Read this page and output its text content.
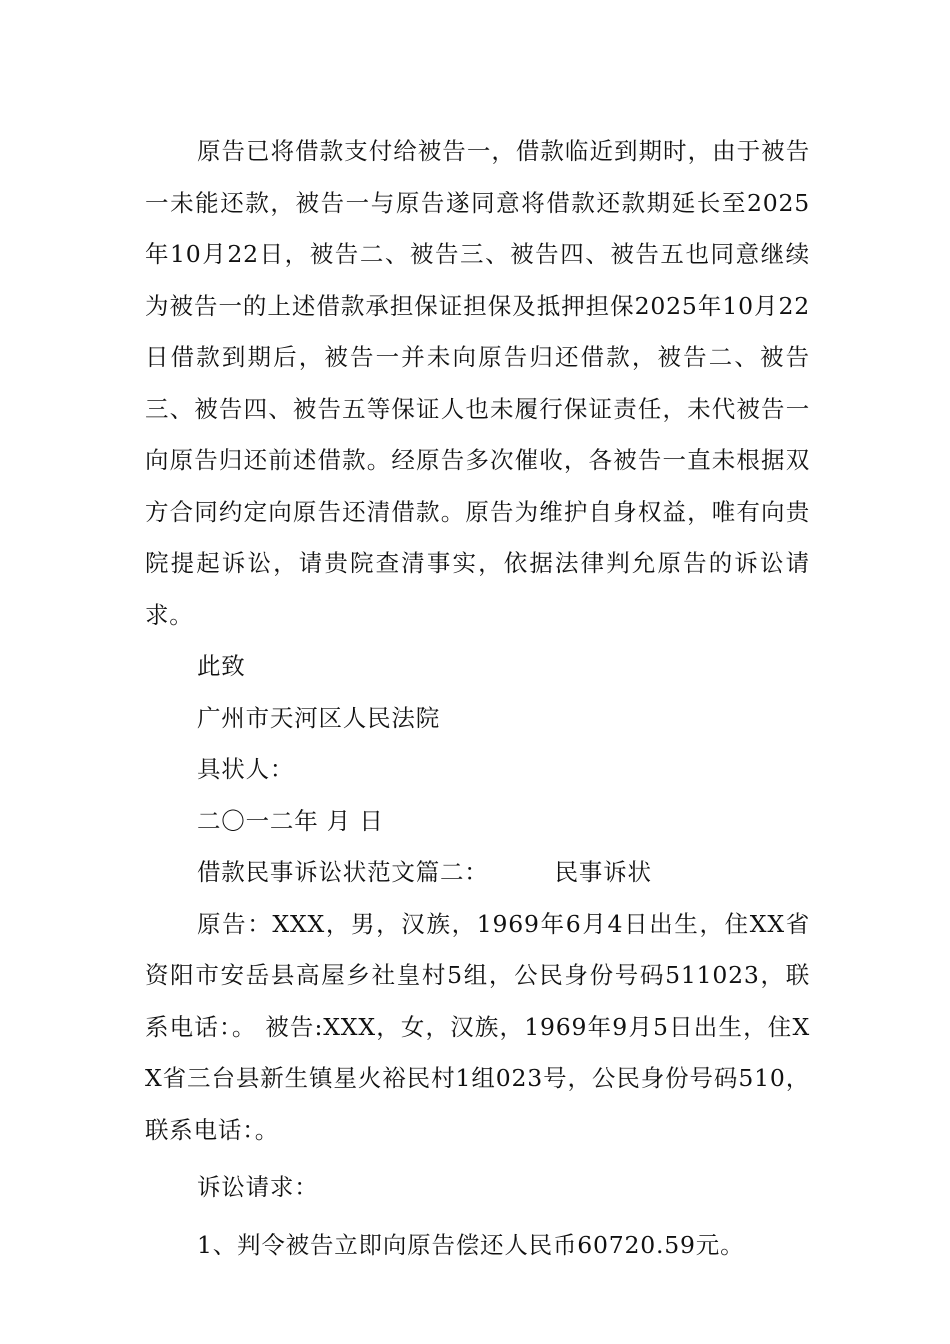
原告已将借款支付给被告一，借款临近到期时，由于被告一未能还款，被告一与原告遂同意将借款还款期延长至2025年10月22日，被告二、被告三、被告四、被告五也同意继续为被告一的上述借款承担保证担保及抵押担保2025年10月22日借款到期后，被告一并未向原告归还借款，被告二、被告三、被告四、被告五等保证人也未履行保证责任，未代被告一向原告归还前述借款。经原告多次催收，各被告一直未根据双方合同约定向原告还清借款。原告为维护自身权益，唯有向贵院提起诉讼，请贵院查清事实，依据法律判允原告的诉讼请求。

此致

广州市天河区人民法院

具状人：

二〇一二年 月 日

借款民事诉讼状范文篇二：	民事诉状

原告：XXX，男，汉族，1969年6月4日出生，住XX省资阳市安岳县高屋乡社皇村5组，公民身份号码511023，联系电话：。 被告:XXX，女，汉族，1969年9月5日出生，住XX省三台县新生镇星火裕民村1组023号，公民身份号码510，联系电话：。

诉讼请求：

1、判令被告立即向原告偿还人民币60720.59元。
